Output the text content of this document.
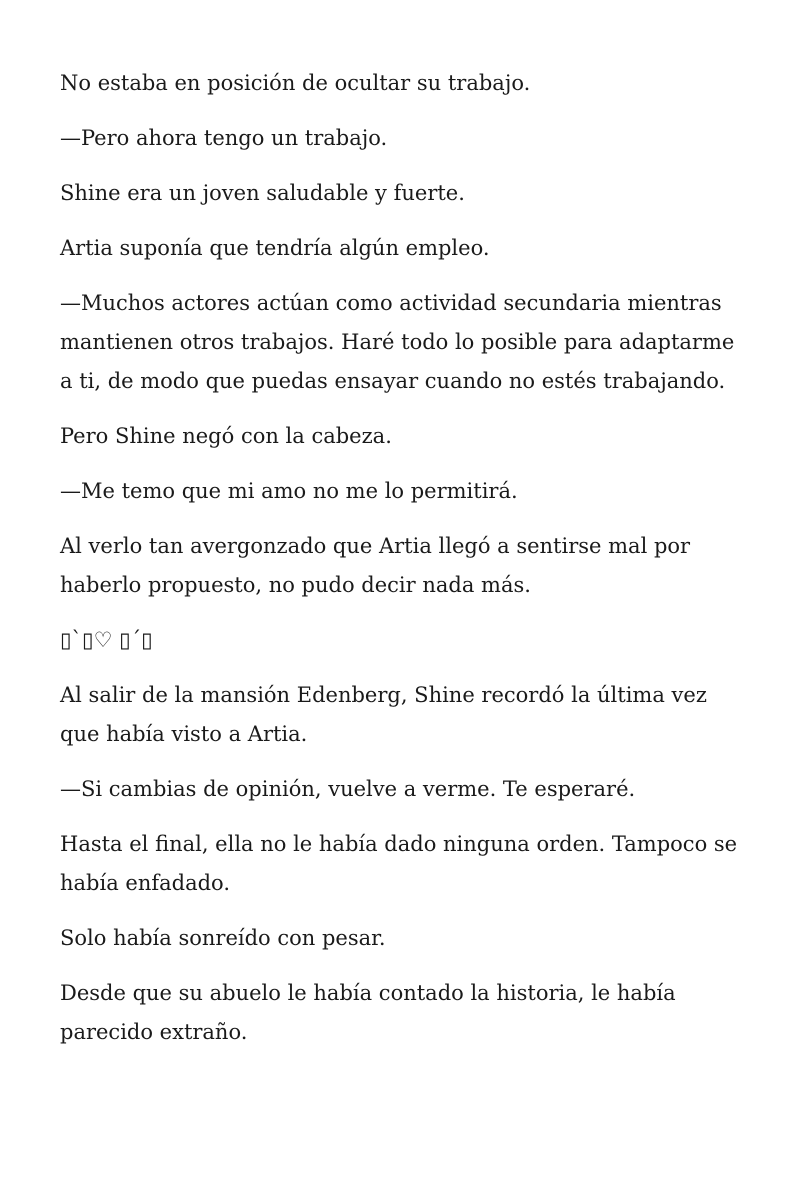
No estaba en posición de ocultar su trabajo.

—Pero ahora tengo un trabajo.

Shine era un joven saludable y fuerte.

Artia suponía que tendría algún empleo.

—Muchos actores actúan como actividad secundaria mientras mantienen otros trabajos. Haré todo lo posible para adaptarme a ti, de modo que puedas ensayar cuando no estés trabajando.

Pero Shine negó con la cabeza.

—Me temo que mi amo no me lo permitirá.

Al verlo tan avergonzado que Artia llegó a sentirse mal por haberlo propuesto, no pudo decir nada más.

▯`▯♡ ▯´▯

Al salir de la mansión Edenberg, Shine recordó la última vez que había visto a Artia.

—Si cambias de opinión, vuelve a verme. Te esperaré.

Hasta el final, ella no le había dado ninguna orden. Tampoco se había enfadado.

Solo había sonreído con pesar.

Desde que su abuelo le había contado la historia, le había parecido extraño.
